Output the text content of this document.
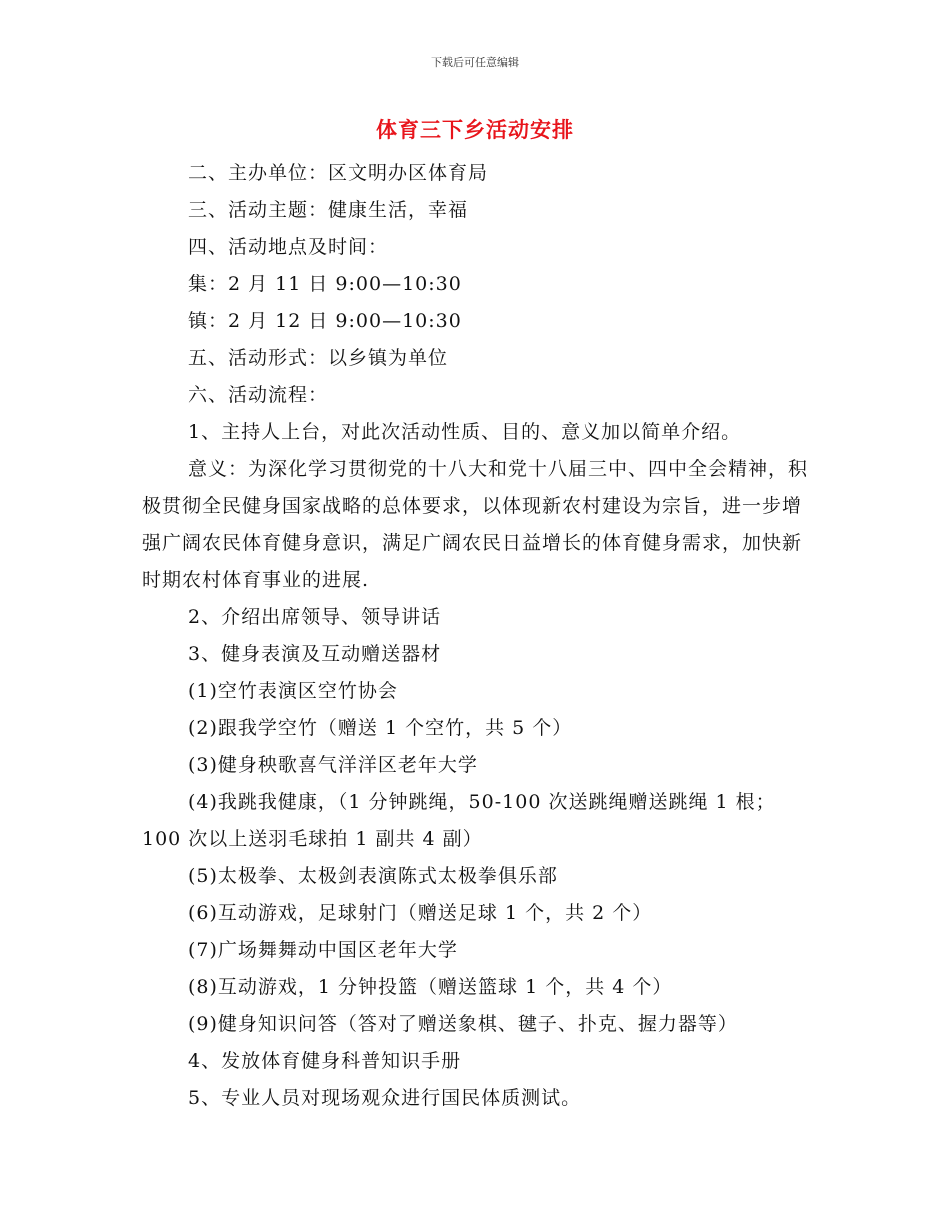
下载后可任意编辑
体育三下乡活动安排

二、主办单位：区文明办区体育局

三、活动主题：健康生活，幸福

四、活动地点及时间：

集：2 月 11 日 9:00—10:30

镇：2 月 12 日 9:00—10:30

五、活动形式：以乡镇为单位

六、活动流程：

1、主持人上台，对此次活动性质、目的、意义加以简单介绍。

意义：为深化学习贯彻党的十八大和党十八届三中、四中全会精神，积极贯彻全民健身国家战略的总体要求，以体现新农村建设为宗旨，进一步增强广阔农民体育健身意识，满足广阔农民日益增长的体育健身需求，加快新时期农村体育事业的进展.

2、介绍出席领导、领导讲话

3、健身表演及互动赠送器材

(1)空竹表演区空竹协会

(2)跟我学空竹（赠送 1 个空竹，共 5 个）

(3)健身秧歌喜气洋洋区老年大学

(4)我跳我健康，（1 分钟跳绳，50-100 次送跳绳赠送跳绳 1 根；100 次以上送羽毛球拍 1 副共 4 副）

(5)太极拳、太极剑表演陈式太极拳俱乐部

(6)互动游戏，足球射门（赠送足球 1 个，共 2 个）

(7)广场舞舞动中国区老年大学

(8)互动游戏，1 分钟投篮（赠送篮球 1 个，共 4 个）

(9)健身知识问答（答对了赠送象棋、毽子、扑克、握力器等）

4、发放体育健身科普知识手册

5、专业人员对现场观众进行国民体质测试。
